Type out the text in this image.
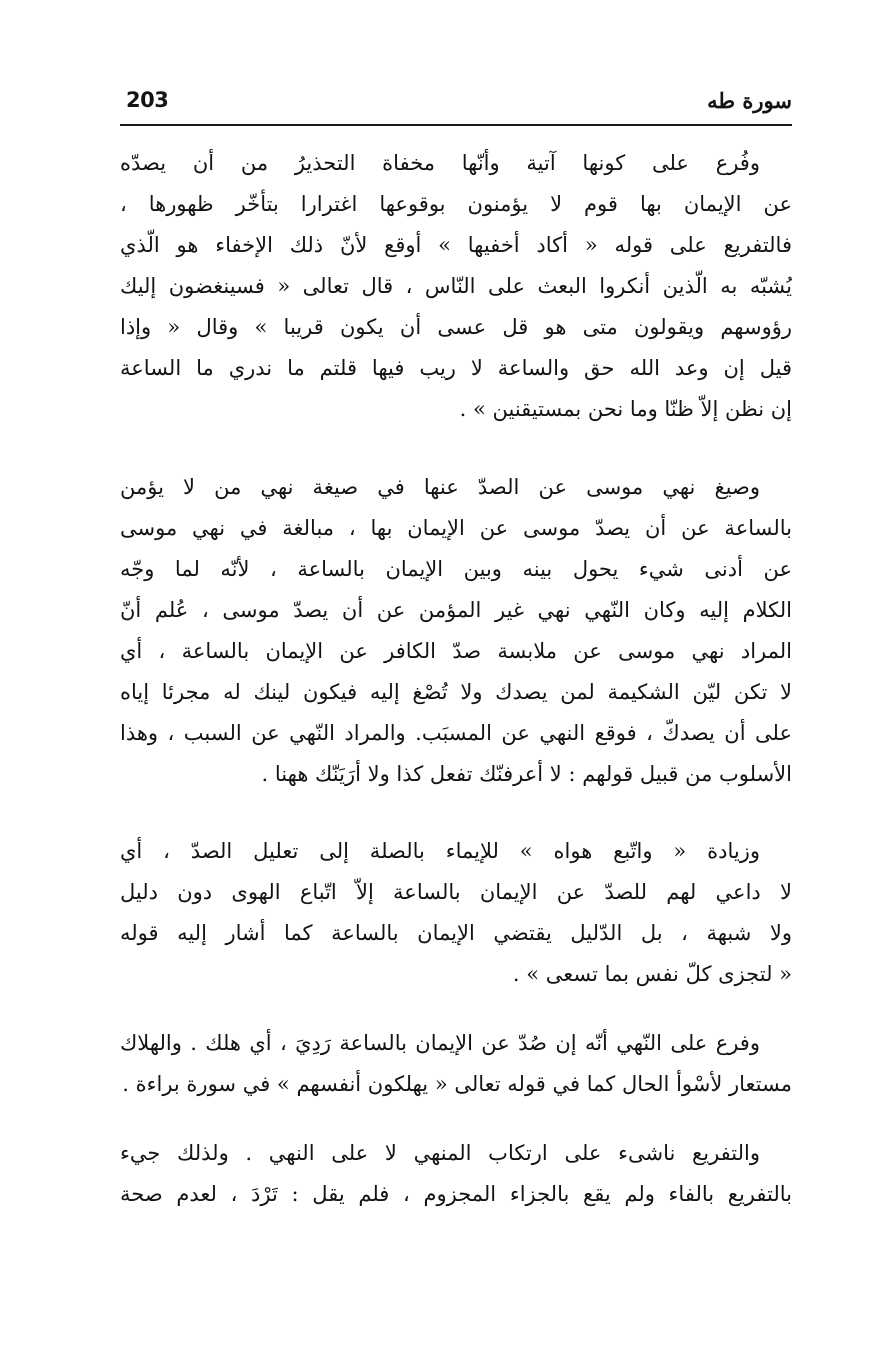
203	سورة طه
وفُرع على كونها آتية وأنّها مخفاة التحذيرُ من أن يصدّه
عن الإيمان بها قوم لا يؤمنون بوقوعها اغترارا بتأخّر ظهورها ،
فالتفريع على قوله « أكاد أخفيها » أوقع لأنّ ذلك الإخفاء هو الّذي
يُشبّه به الّذين أنكروا البعث على النّاس ، قال تعالى « فسينغضون إليك
رؤوسهم ويقولون متى هو قل عسى أن يكون قريبا » وقال « وإذا
قيل إن وعد الله حق والساعة لا ريب فيها قلتم ما ندري ما الساعة
إن نظن إلاّ ظنّا وما نحن بمستيقنين » .
وصيغ نهي موسى عن الصدّ عنها في صيغة نهي من لا يؤمن
بالساعة عن أن يصدّ موسى عن الإيمان بها ، مبالغة في نهي موسى
عن أدنى شيء يحول بينه وبين الإيمان بالساعة ، لأنّه لما وجّه
الكلام إليه وكان النّهي نهي غير المؤمن عن أن يصدّ موسى ، عُلم أنّ
المراد نهي موسى عن ملابسة صدّ الكافر عن الإيمان بالساعة ، أي
لا تكن ليّن الشكيمة لمن يصدك ولا تُصْغ إليه فيكون لينك له مجرئا إياه
على أن يصدكّ ، فوقع النهي عن المسبَب. والمراد النّهي عن السبب ، وهذا
الأسلوب من قبيل قولهم : لا أعرفنّك تفعل كذا ولا أرَيَنّك ههنا .
وزيادة « واتّبع هواه » للإيماء بالصلة إلى تعليل الصدّ ، أي
لا داعي لهم للصدّ عن الإيمان بالساعة إلاّ اتّباع الهوى دون دليل
ولا شبهة ، بل الدّليل يقتضي الإيمان بالساعة كما أشار إليه قوله
« لتجزى كلّ نفس بما تسعى » .
وفرع على النّهي أنّه إن صُدّ عن الإيمان بالساعة رَدِيَ ، أي هلك . والهلاك
مستعار لأسْوأ الحال كما في قوله تعالى « يهلكون أنفسهم » في سورة براءة .
والتفريع ناشىء على ارتكاب المنهي لا على النهي . ولذلك جيء
بالتفريع بالفاء ولم يقع بالجزاء المجزوم ، فلم يقل : تَرْدَ ، لعدم صحة
